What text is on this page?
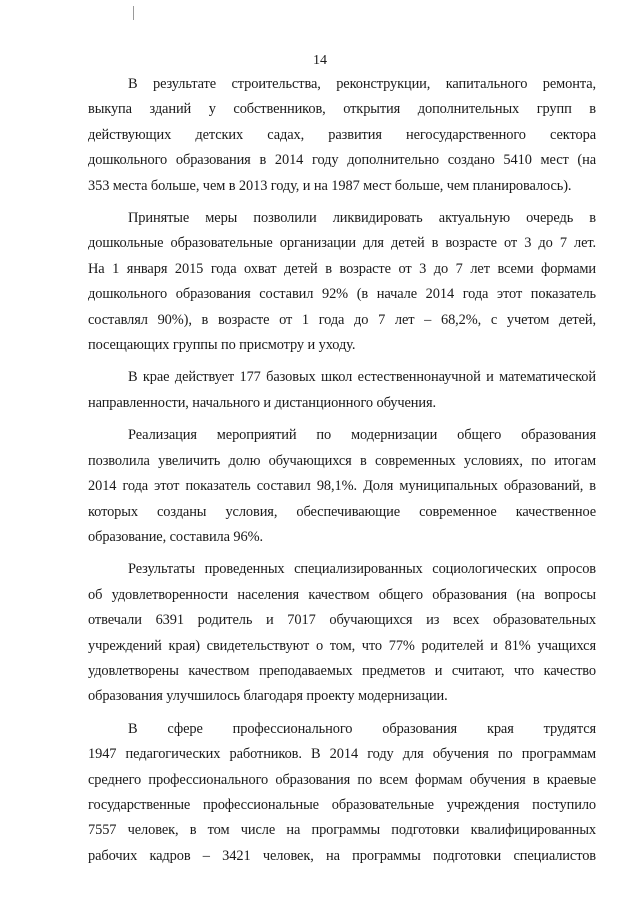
14

В результате строительства, реконструкции, капитального ремонта,
выкупа зданий у собственников, открытия дополнительных групп в
действующих детских садах, развития негосударственного сектора
дошкольного образования в 2014 году дополнительно создано 5410 мест (на
353 места больше, чем в 2013 году, и на 1987 мест больше, чем планировалось).

Принятые меры позволили ликвидировать актуальную очередь в
дошкольные образовательные организации для детей в возрасте от 3 до 7 лет.
На 1 января 2015 года охват детей в возрасте от 3 до 7 лет всеми формами
дошкольного образования составил 92% (в начале 2014 года этот показатель
составлял 90%), в возрасте от 1 года до 7 лет – 68,2%, с учетом детей,
посещающих группы по присмотру и уходу.

В крае действует 177 базовых школ естественнонаучной и математической
направленности, начального и дистанционного обучения.

Реализация мероприятий по модернизации общего образования
позволила увеличить долю обучающихся в современных условиях, по итогам
2014 года этот показатель составил 98,1%. Доля муниципальных образований, в
которых созданы условия, обеспечивающие современное качественное
образование, составила 96%.

Результаты проведенных специализированных социологических опросов
об удовлетворенности населения качеством общего образования (на вопросы
отвечали 6391 родитель и 7017 обучающихся из всех образовательных
учреждений края) свидетельствуют о том, что 77% родителей и 81% учащихся
удовлетворены качеством преподаваемых предметов и считают, что качество
образования улучшилось благодаря проекту модернизации.

В сфере профессионального образования края трудятся
1947 педагогических работников. В 2014 году для обучения по программам
среднего профессионального образования по всем формам обучения в краевые
государственные профессиональные образовательные учреждения поступило
7557 человек, в том числе на программы подготовки квалифицированных
рабочих кадров – 3421 человек, на программы подготовки специалистов
